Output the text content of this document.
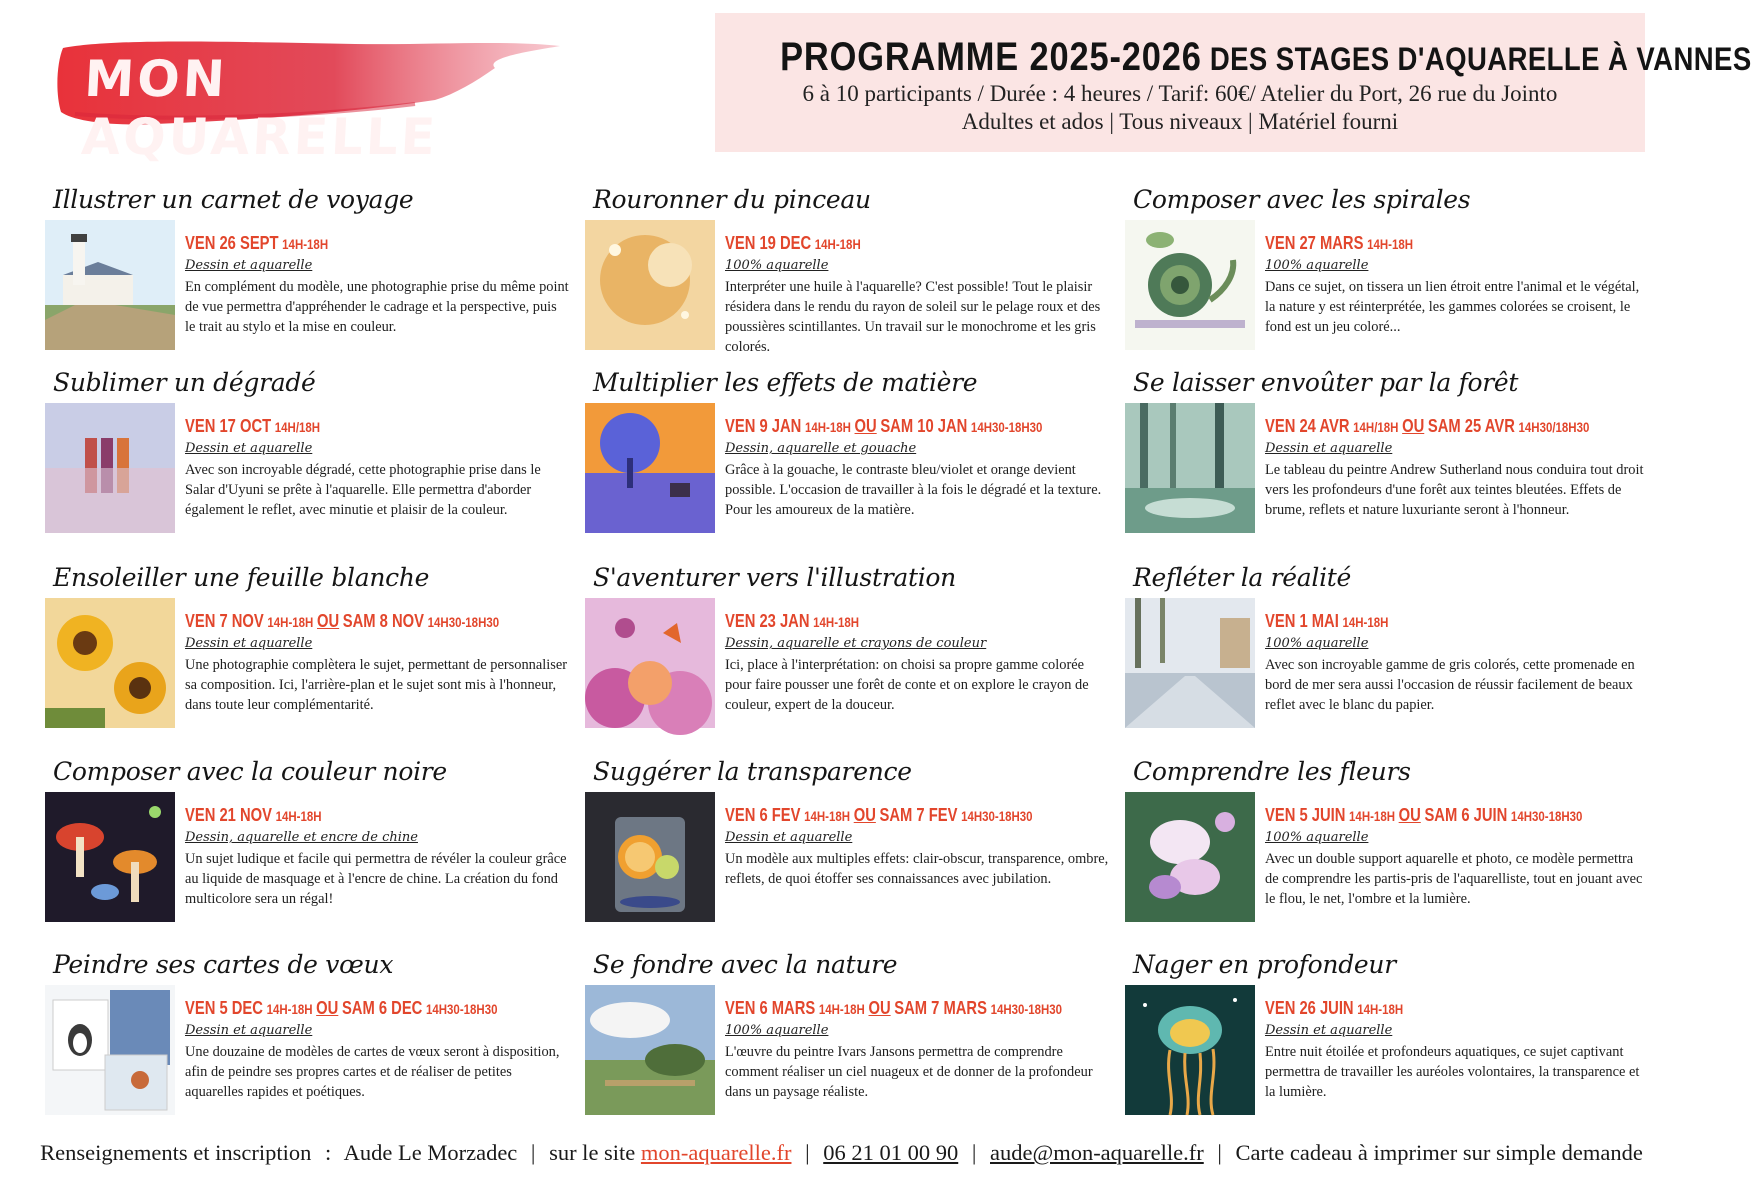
MON AQUARELLE
PROGRAMME 2025-2026 DES STAGES D'AQUARELLE À VANNES
6 à 10 participants / Durée : 4 heures / Tarif: 60€/ Atelier du Port, 26 rue du Jointo
Adultes et ados | Tous niveaux | Matériel fourni
Illustrer un carnet de voyage
VEN 26 SEPT 14H-18H
Dessin et aquarelle
En complément du modèle, une photographie prise du même point de vue permettra d'appréhender le cadrage et la perspective, puis le trait au stylo et la mise en couleur.
Rouronner du pinceau
VEN 19 DEC 14H-18H
100% aquarelle
Interpréter une huile à l'aquarelle? C'est possible! Tout le plaisir résidera dans le rendu du rayon de soleil sur le pelage roux et des poussières scintillantes. Un travail sur le monochrome et les gris colorés.
Composer avec les spirales
VEN 27 MARS 14H-18H
100% aquarelle
Dans ce sujet, on tissera un lien étroit entre l'animal et le végétal, la nature y est réinterprétée, les gammes colorées se croisent, le fond est un jeu coloré...
Sublimer un dégradé
VEN 17 OCT 14H/18H
Dessin et aquarelle
Avec son incroyable dégradé, cette photographie prise dans le Salar d'Uyuni se prête à l'aquarelle. Elle permettra d'aborder également le reflet, avec minutie et plaisir de la couleur.
Multiplier les effets de matière
VEN 9 JAN 14H-18H OU SAM 10 JAN 14H30-18H30
Dessin, aquarelle et gouache
Grâce à la gouache, le contraste bleu/violet et orange devient possible. L'occasion de travailler à la fois le dégradé et la texture. Pour les amoureux de la matière.
Se laisser envoûter par la forêt
VEN 24 AVR 14H/18H OU SAM 25 AVR 14H30/18H30
Dessin et aquarelle
Le tableau du peintre Andrew Sutherland nous conduira tout droit vers les profondeurs d'une forêt aux teintes bleutées. Effets de brume, reflets et nature luxuriante seront à l'honneur.
Ensoleiller une feuille blanche
VEN 7 NOV 14H-18H OU SAM 8 NOV 14H30-18H30
Dessin et aquarelle
Une photographie complètera le sujet, permettant de personnaliser sa composition. Ici, l'arrière-plan et le sujet sont mis à l'honneur, dans toute leur complémentarité.
S'aventurer vers l'illustration
VEN 23 JAN 14H-18H
Dessin, aquarelle et crayons de couleur
Ici, place à l'interprétation: on choisi sa propre gamme colorée pour faire pousser une forêt de conte et on explore le crayon de couleur, expert de la douceur.
Refléter la réalité
VEN 1 MAI 14H-18H
100% aquarelle
Avec son incroyable gamme de gris colorés, cette promenade en bord de mer sera aussi l'occasion de réussir facilement de beaux reflet avec le blanc du papier.
Composer avec la couleur noire
VEN 21 NOV 14H-18H
Dessin, aquarelle et encre de chine
Un sujet ludique et facile qui permettra de révéler la couleur grâce au liquide de masquage et à l'encre de chine. La création du fond multicolore sera un régal!
Suggérer la transparence
VEN 6 FEV 14H-18H OU SAM 7 FEV 14H30-18H30
Dessin et aquarelle
Un modèle aux multiples effets: clair-obscur, transparence, ombre, reflets, de quoi étoffer ses connaissances avec jubilation.
Comprendre les fleurs
VEN 5 JUIN 14H-18H OU SAM 6 JUIN 14H30-18H30
100% aquarelle
Avec un double support aquarelle et photo, ce modèle permettra de comprendre les partis-pris de l'aquarelliste, tout en jouant avec le flou, le net, l'ombre et la lumière.
Peindre ses cartes de vœux
VEN 5 DEC 14H-18H OU SAM 6 DEC 14H30-18H30
Dessin et aquarelle
Une douzaine de modèles de cartes de vœux seront à disposition, afin de peindre ses propres cartes et de réaliser de petites aquarelles rapides et poétiques.
Se fondre avec la nature
VEN 6 MARS 14H-18H OU SAM 7 MARS 14H30-18H30
100% aquarelle
L'œuvre du peintre Ivars Jansons permettra de comprendre comment réaliser un ciel nuageux et de donner de la profondeur dans un paysage réaliste.
Nager en profondeur
VEN 26 JUIN 14H-18H
Dessin et aquarelle
Entre nuit étoilée et profondeurs aquatiques, ce sujet captivant permettra de travailler les auréoles volontaires, la transparence et la lumière.
Renseignements et inscription : Aude Le Morzadec | sur le site mon-aquarelle.fr | 06 21 01 00 90 | aude@mon-aquarelle.fr | Carte cadeau à imprimer sur simple demande
